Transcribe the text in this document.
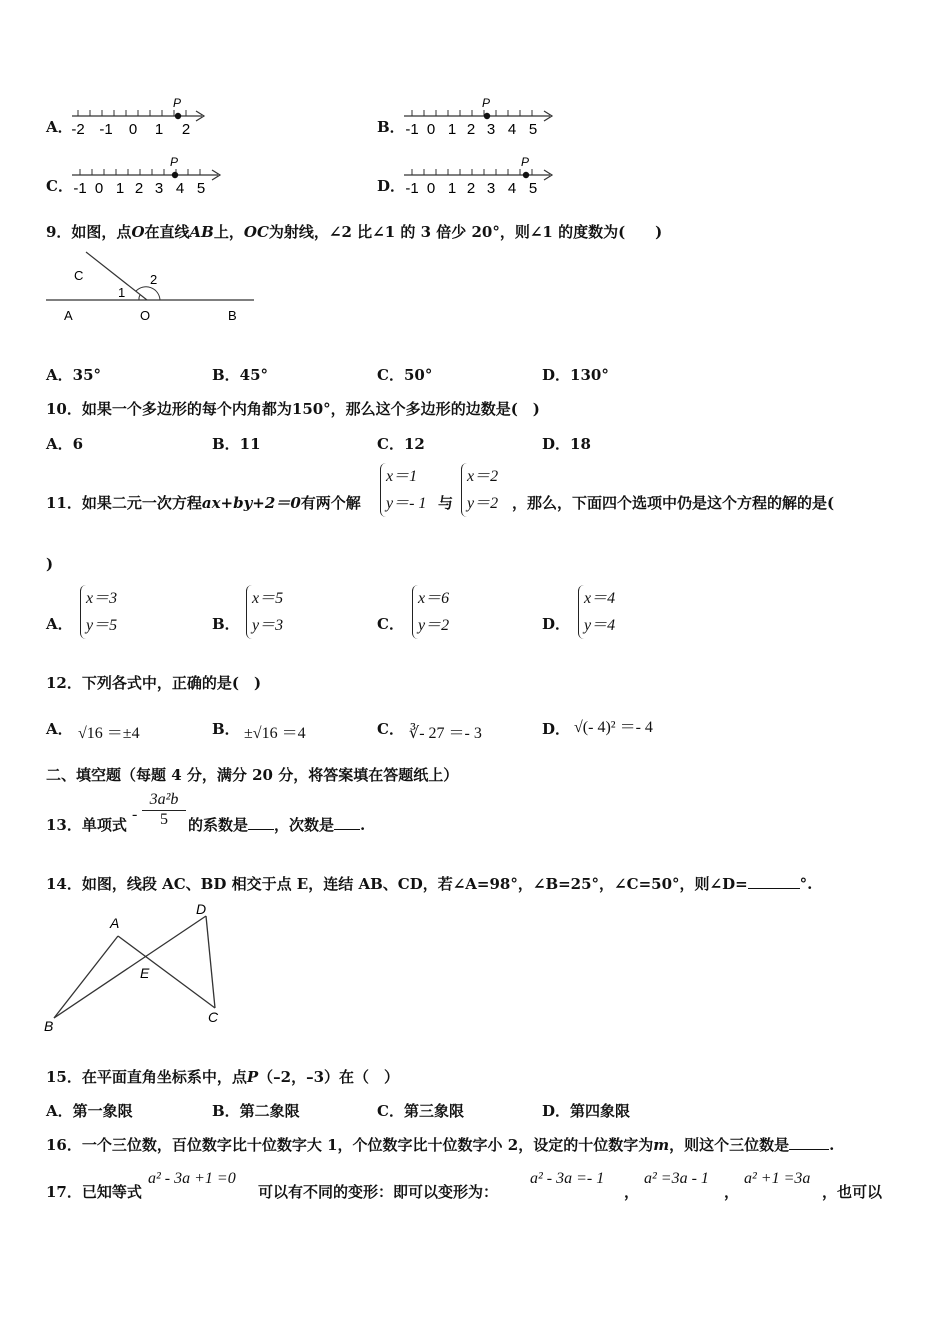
A．
P
-2 -1 0 1 2	B．
P
-1 0 1 2 3 4 5
C．
P
-1 0 1 2 3 4 5	D．
P
-1 0 1 2 3 4 5
9．如图，点O在直线AB上，OC为射线，∠2 比∠1 的 3 倍少 20°，则∠1 的度数为(　　)
C
1
2
A	O	B
A．35°	B．45°	C．50°	D．130°
10．如果一个多边形的每个内角都为150°，那么这个多边形的边数是(　)
A．6	B．11	C．12	D．18
11．如果二元一次方程ax+by+2＝0有两个解
x＝1
y＝- 1 与
x＝2
y＝2 ，那么，下面四个选项中仍是这个方程的解的是(
)
A．
x＝3
y＝5	B．
x＝5
y＝3	C．
x＝6
y＝2	D．
x＝4
y＝4
12．下列各式中，正确的是(　)
A． √16 ＝±4	B． ±√16 ＝4	C． ∛- 27 ＝- 3	D． √(- 4)² ＝- 4
二、填空题（每题 4 分，满分 20 分，将答案填在答题纸上）
13．单项式
- $\frac{\text{3a²b}}{5}$ 的系数是 ，次数是 .
14．如图，线段 AC、BD 相交于点 E，连结 AB、CD，若∠A=98°，∠B=25°，∠C=50°，则∠D=	°.
A
B
C
D
E
15．在平面直角坐标系中，点P（–2，–3）在（　）
A．第一象限	B．第二象限	C．第三象限	D．第四象限
16．一个三位数，百位数字比十位数字大 1，个位数字比十位数字小 2，设定的十位数字为m，则这个三位数是	.
17．已知等式
a² - 3a +1 =0
可以有不同的变形：即可以变形为：
a² - 3a =- 1
，
a² =3a - 1
，
a² +1 =3a
，也可以
